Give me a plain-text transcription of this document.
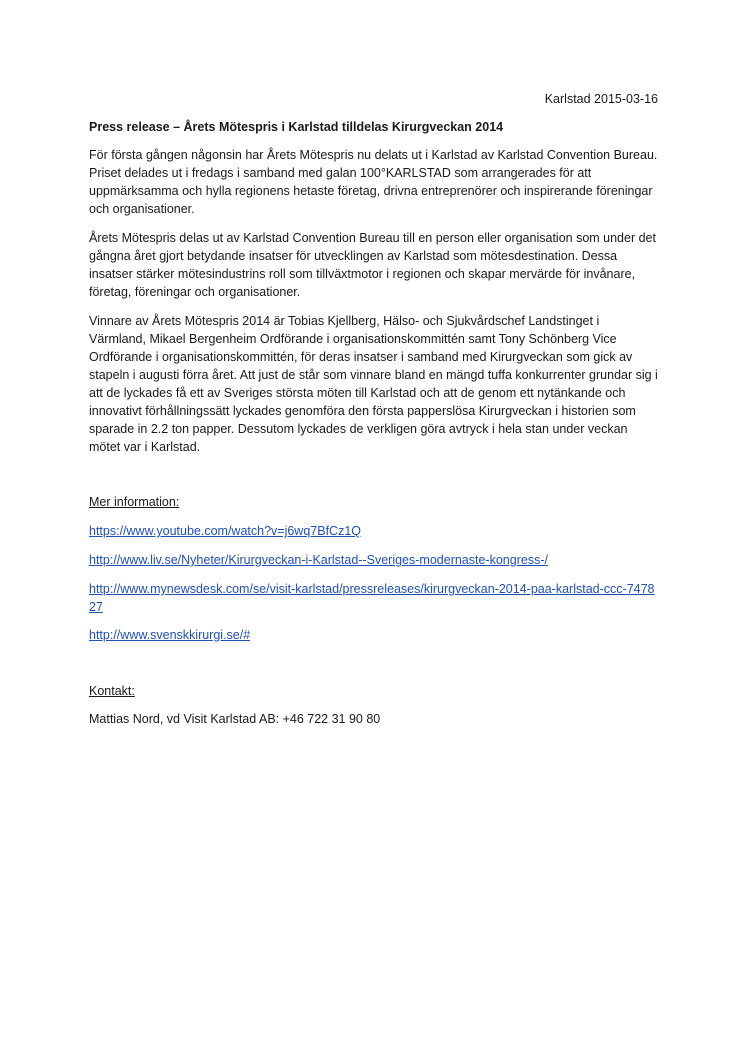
Karlstad 2015-03-16
Press release – Årets Mötespris i Karlstad tilldelas Kirurgveckan 2014

För första gången någonsin har Årets Mötespris nu delats ut i Karlstad av Karlstad Convention Bureau. Priset delades ut i fredags i samband med galan 100°KARLSTAD som arrangerades för att uppmärksamma och hylla regionens hetaste företag, drivna entreprenörer och inspirerande föreningar och organisationer.

Årets Mötespris delas ut av Karlstad Convention Bureau till en person eller organisation som under det gångna året gjort betydande insatser för utvecklingen av Karlstad som mötesdestination. Dessa insatser stärker mötesindustrins roll som tillväxtmotor i regionen och skapar mervärde för invånare, företag, föreningar och organisationer.

Vinnare av Årets Mötespris 2014 är Tobias Kjellberg, Hälso- och Sjukvårdschef Landstinget i Värmland, Mikael Bergenheim Ordförande i organisationskommittén samt Tony Schönberg Vice Ordförande i organisationskommittén, för deras insatser i samband med Kirurgveckan som gick av stapeln i augusti förra året. Att just de står som vinnare bland en mängd tuffa konkurrenter grundar sig i att de lyckades få ett av Sveriges största möten till Karlstad och att de genom ett nytänkande och innovativt förhållningssätt lyckades genomföra den första papperslösa Kirurgveckan i historien som sparade in 2.2 ton papper. Dessutom lyckades de verkligen göra avtryck i hela stan under veckan mötet var i Karlstad.

Mer information:
https://www.youtube.com/watch?v=j6wq7BfCz1Q
http://www.liv.se/Nyheter/Kirurgveckan-i-Karlstad--Sveriges-modernaste-kongress-/
http://www.mynewsdesk.com/se/visit-karlstad/pressreleases/kirurgveckan-2014-paa-karlstad-ccc-747827
http://www.svenskkirurgi.se/#
Kontakt:
Mattias Nord, vd Visit Karlstad AB: +46 722 31 90 80
